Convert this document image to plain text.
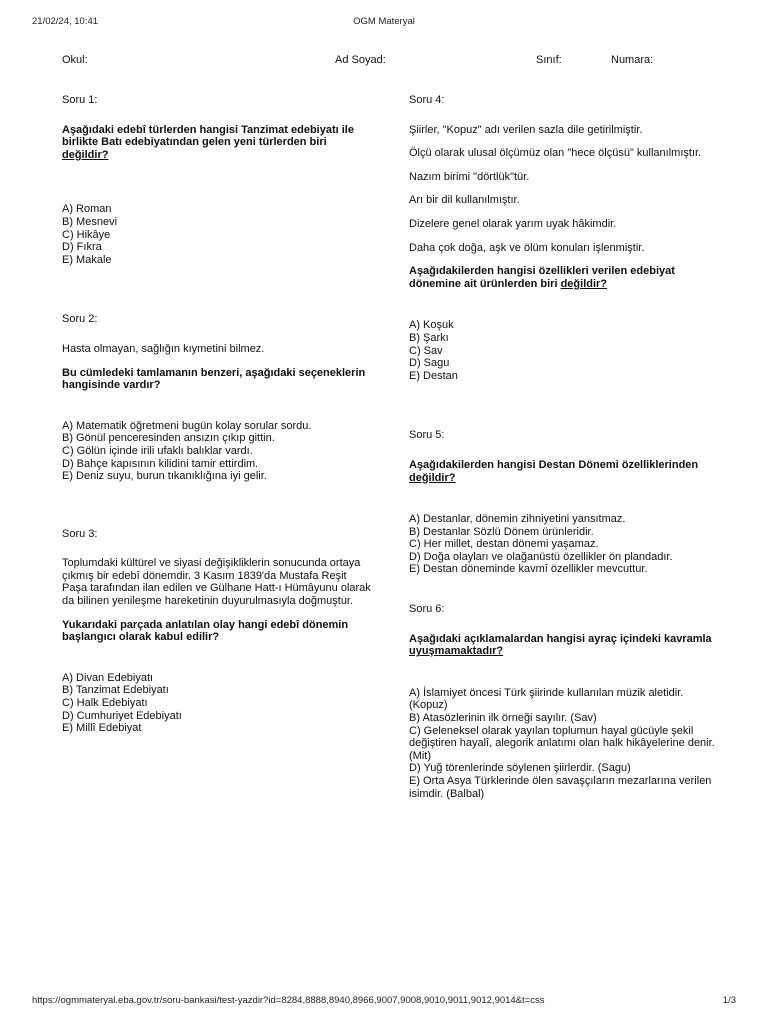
21/02/24, 10:41	OGM Materyal
Okul:	Ad Soyad:	Sınıf:	Numara:
Soru 1:

Aşağıdaki edebî türlerden hangisi Tanzimat edebiyatı ile birlikte Batı edebiyatından gelen yeni türlerden biri değildir?

A) Roman
B) Mesnevi
C) Hikâye
D) Fıkra
E) Makale
Soru 2:

Hasta olmayan, sağlığın kıymetini bilmez.

Bu cümledeki tamlamanın benzeri, aşağıdaki seçeneklerin hangisinde vardır?

A) Matematik öğretmeni bugün kolay sorular sordu.
B) Gönül penceresinden ansızın çıkıp gittin.
C) Gölün içinde irili ufaklı balıklar vardı.
D) Bahçe kapısının kilidini tamir ettirdim.
E) Deniz suyu, burun tıkanıklığına iyi gelir.
Soru 3:

Toplumdaki kültürel ve siyasi değişikliklerin sonucunda ortaya çıkmış bir edebî dönemdir. 3 Kasım 1839'da Mustafa Reşit Paşa tarafından ilan edilen ve Gülhane Hatt-ı Hümâyunu olarak da bilinen yenileşme hareketinin duyurulmasıyla doğmuştur.

Yukarıdaki parçada anlatılan olay hangi edebî dönemin başlangıcı olarak kabul edilir?

A) Divan Edebiyatı
B) Tanzimat Edebiyatı
C) Halk Edebiyatı
D) Cumhuriyet Edebiyatı
E) Millî Edebiyat
Soru 4:

Şiirler, "Kopuz" adı verilen sazla dile getirilmiştir.

Ölçü olarak ulusal ölçümüz olan "hece ölçüsü" kullanılmıştır.

Nazım birimi "dörtlük"tür.

Arı bir dil kullanılmıştır.

Dizelere genel olarak yarım uyak hâkimdir.

Daha çok doğa, aşk ve ölüm konuları işlenmiştir.

Aşağıdakilerden hangisi özellikleri verilen edebiyat dönemine ait ürünlerden biri değildir?

A) Koşuk
B) Şarkı
C) Sav
D) Sagu
E) Destan
Soru 5:

Aşağıdakilerden hangisi Destan Dönemi özelliklerinden değildir?

A) Destanlar, dönemin zihniyetini yansıtmaz.
B) Destanlar Sözlü Dönem ürünleridir.
C) Her millet, destan dönemi yaşamaz.
D) Doğa olayları ve olağanüstü özellikler ön plandadır.
E) Destan döneminde kavmî özellikler mevcuttur.
Soru 6:

Aşağıdaki açıklamalardan hangisi ayraç içindeki kavramla uyuşmamaktadır?

A) İslamiyet öncesi Türk şiirinde kullanılan müzik aletidir. (Kopuz)
B) Atasözlerinin ilk örneği sayılır. (Sav)
C) Geleneksel olarak yayılan toplumun hayal gücüyle şekil değiştiren hayalî, alegorik anlatımı olan halk hikâyelerine denir. (Mit)
D) Yuğ törenlerinde söylenen şiirlerdir. (Sagu)
E) Orta Asya Türklerinde ölen savaşçıların mezarlarına verilen isimdir. (Balbal)
https://ogmmateryal.eba.gov.tr/soru-bankasi/test-yazdir?id=8284,8888,8940,8966,9007,9008,9010,9011,9012,9014&t=css	1/3
